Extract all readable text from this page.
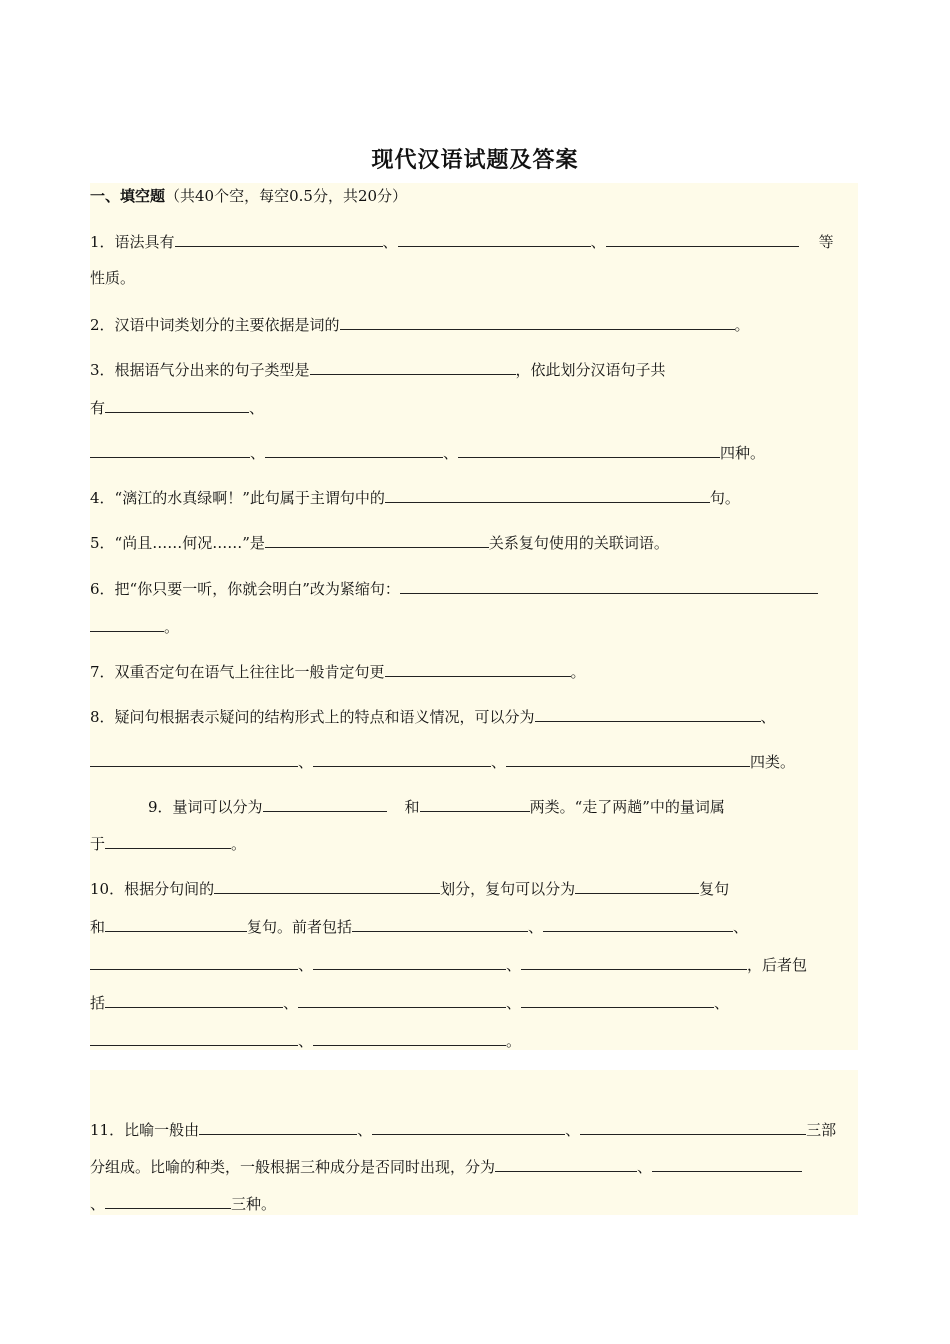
现代汉语试题及答案
一、填空题（共40个空，每空0.5分，共20分）
1．语法具有	、	、	等
性质。
2．汉语中词类划分的主要依据是词的	。
3．根据语气分出来的句子类型是	，依此划分汉语句子共
有	、
、	、	四种。
4．“漓江的水真绿啊！”此句属于主谓句中的	句。
5．“尚且……何况……”是	关系复句使用的关联词语。
6．把“你只要一听，你就会明白”改为紧缩句：
。
7．双重否定句在语气上往往比一般肯定句更	。
8．疑问句根据表示疑问的结构形式上的特点和语义情况，可以分为	、
、	、	四类。
9．量词可以分为	和	两类。“走了两趟”中的量词属
于	。
10．根据分句间的	划分，复句可以分为	复句
和	复句。前者包括	、	、
、	、	，后者包
括	、	、	、
、	。
11．比喻一般由	、	、	三部
分组成。比喻的种类，一般根据三种成分是否同时出现，分为	、
、	三种。
